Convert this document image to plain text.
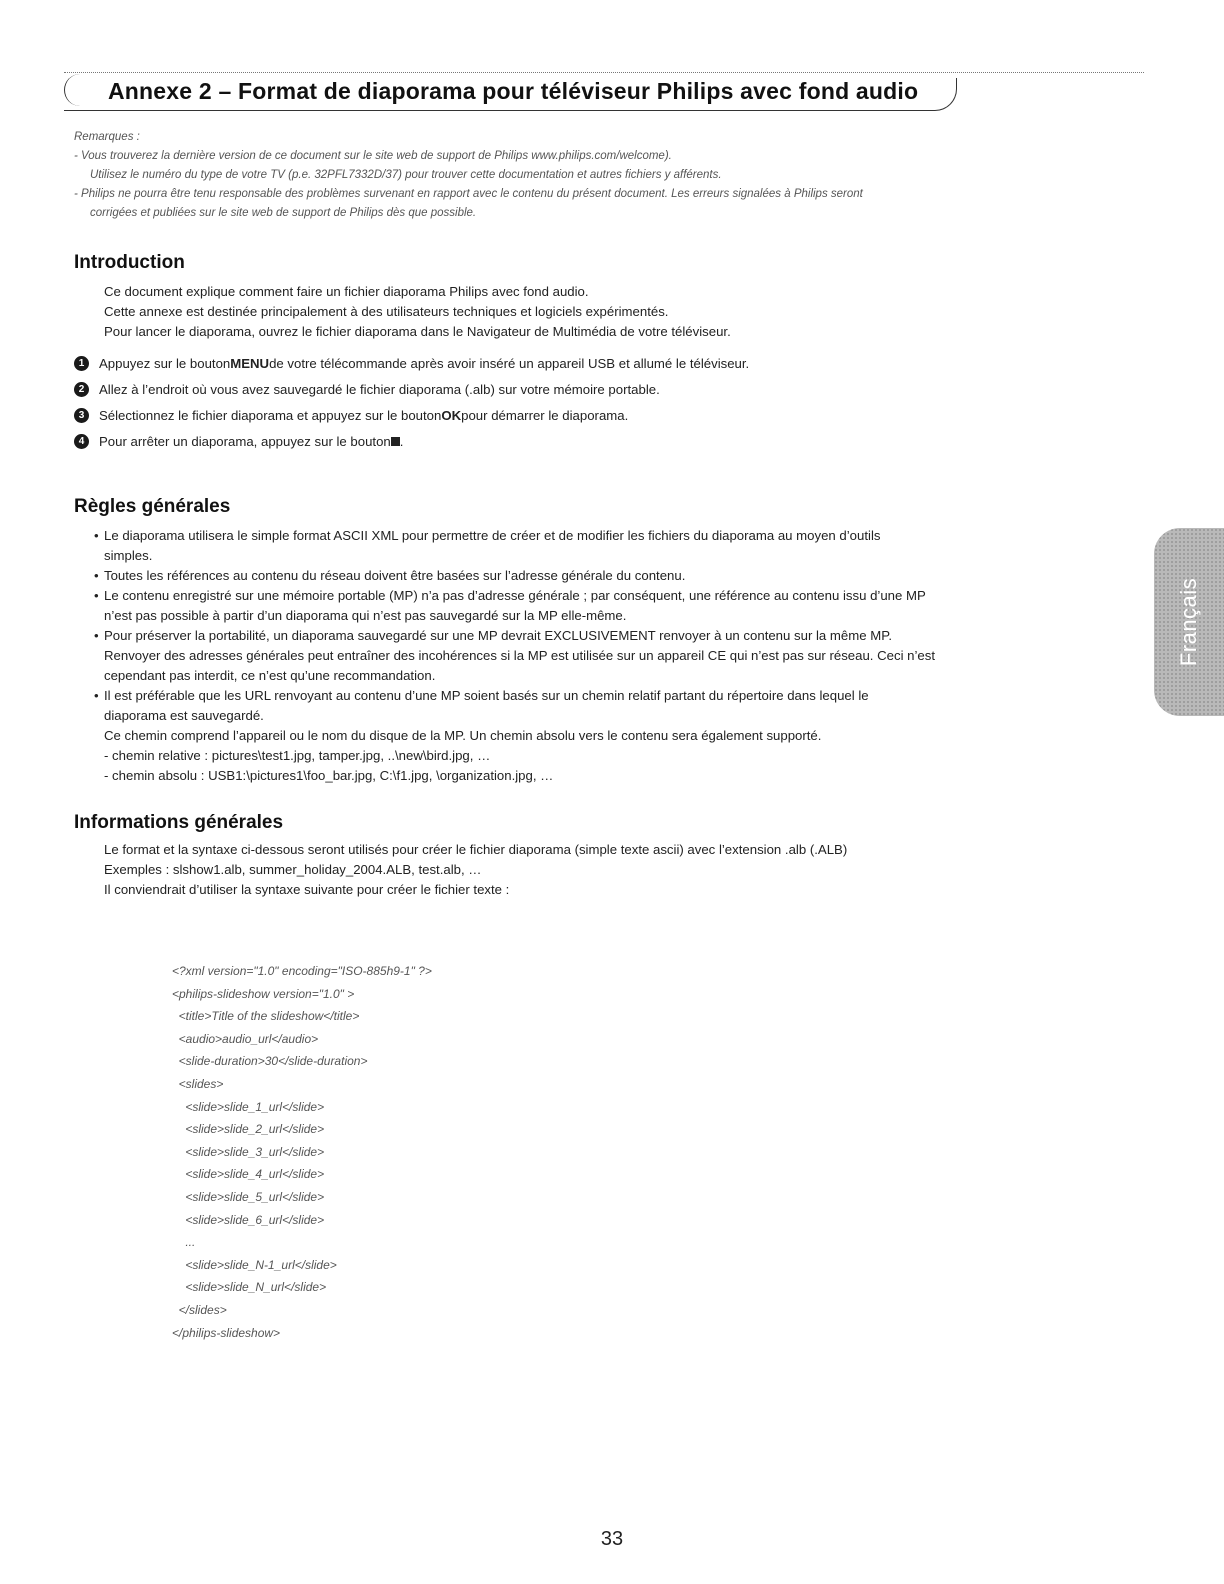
Annexe 2 – Format de diaporama pour téléviseur Philips avec fond audio
Remarques :
- Vous trouverez la dernière version de ce document sur le site web de support de Philips www.philips.com/welcome).
Utilisez le numéro du type de votre TV (p.e. 32PFL7332D/37) pour trouver cette documentation et autres fichiers y afférents.
- Philips ne pourra être tenu responsable des problèmes survenant en rapport avec le contenu du présent document. Les erreurs signalées à Philips seront
corrigées et publiées sur le site web de support de Philips dès que possible.
Introduction
Ce document explique comment faire un fichier diaporama Philips avec fond audio.
Cette annexe est destinée principalement à des utilisateurs techniques et logiciels expérimentés.
Pour lancer le diaporama, ouvrez le fichier diaporama dans le Navigateur de Multimédia de votre téléviseur.
1	Appuyez sur le bouton MENU de votre télécommande après avoir inséré un appareil USB et allumé le téléviseur.
2	Allez à l’endroit où vous avez sauvegardé le fichier diaporama (.alb) sur votre mémoire portable.
3	Sélectionnez le fichier diaporama et appuyez sur le bouton OK pour démarrer le diaporama.
4	Pour arrêter un diaporama, appuyez sur le bouton .
Règles générales
• Le diaporama utilisera le simple format ASCII XML pour permettre de créer et de modifier les fichiers du diaporama au moyen d’outils
simples.
• Toutes les références au contenu du réseau doivent être basées sur l’adresse générale du contenu.
• Le contenu enregistré sur une mémoire portable (MP) n’a pas d’adresse générale ; par conséquent, une référence au contenu issu d’une MP
n’est pas possible à partir d’un diaporama qui n’est pas sauvegardé sur la MP elle-même.
• Pour préserver la portabilité, un diaporama sauvegardé sur une MP devrait EXCLUSIVEMENT renvoyer à un contenu sur la même MP.
Renvoyer des adresses générales peut entraîner des incohérences si la MP est utilisée sur un appareil CE qui n’est pas sur réseau. Ceci n’est
cependant pas interdit, ce n’est qu’une recommandation.
• Il est préférable que les URL renvoyant au contenu d’une MP soient basés sur un chemin relatif partant du répertoire dans lequel le
diaporama est sauvegardé.
Ce chemin comprend l’appareil ou le nom du disque de la MP. Un chemin absolu vers le contenu sera également supporté.
- chemin relative : pictures\test1.jpg, tamper.jpg, ..\new\bird.jpg, …
- chemin absolu : USB1:\pictures1\foo_bar.jpg, C:\f1.jpg, \organization.jpg, …
Informations générales
Le format et la syntaxe ci-dessous seront utilisés pour créer le fichier diaporama (simple texte ascii) avec l’extension .alb (.ALB)
Exemples : slshow1.alb, summer_holiday_2004.ALB, test.alb, …
Il conviendrait d’utiliser la syntaxe suivante pour créer le fichier texte :
<?xml version="1.0" encoding="ISO-885h9-1" ?>
<philips-slideshow version="1.0" >
<title>Title of the slideshow</title>
<audio>audio_url</audio>
<slide-duration>30</slide-duration>
<slides>
<slide>slide_1_url</slide>
<slide>slide_2_url</slide>
<slide>slide_3_url</slide>
<slide>slide_4_url</slide>
<slide>slide_5_url</slide>
<slide>slide_6_url</slide>
...
<slide>slide_N-1_url</slide>
<slide>slide_N_url</slide>
</slides>
</philips-slideshow>
Français
33
